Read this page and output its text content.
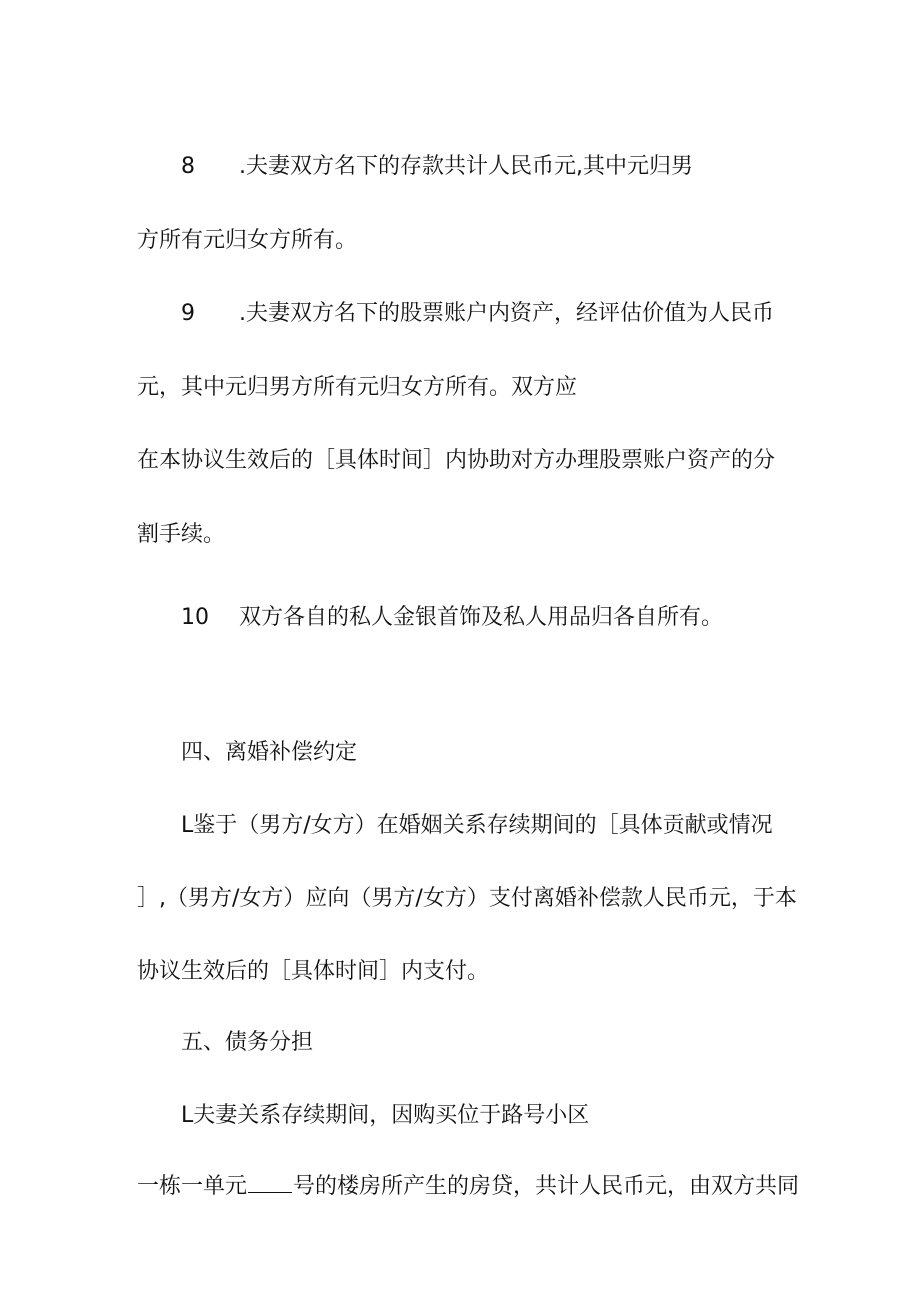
8 .夫妻双方名下的存款共计人民币元,其中元归男
方所有元归女方所有。
9 .夫妻双方名下的股票账户内资产，经评估价值为人民币
元，其中元归男方所有元归女方所有。双方应
在本协议生效后的［具体时间］内协助对方办理股票账户资产的分
割手续。
10 双方各自的私人金银首饰及私人用品归各自所有。
四、离婚补偿约定
L鉴于（男方/女方）在婚姻关系存续期间的［具体贡献或情况
］,（男方/女方）应向（男方/女方）支付离婚补偿款人民币元，于本
协议生效后的［具体时间］内支付。
五、债务分担
L夫妻关系存续期间，因购买位于路号小区
一栋一单元 号的楼房所产生的房贷，共计人民币元，由双方共同
